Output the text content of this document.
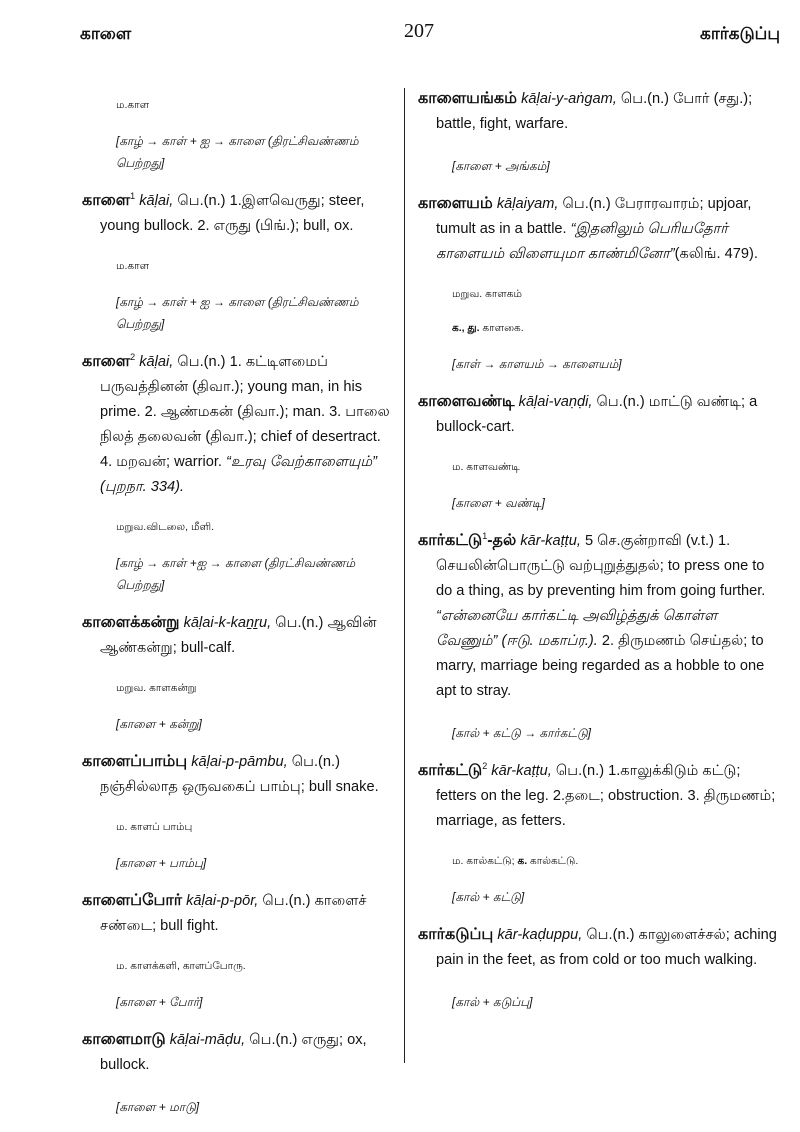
காளை	207	கார்கடுப்பு
ம.காள
[காழ் → காள் + ஐ → காளை (திரட்சிவண்ணம் பெற்றது]
காளை$^1$ kāḷai, பெ.(n.) 1.இளவெருது; steer, young bullock. 2. எருது (பிங்.); bull, ox.
ம.காள
[காழ் → காள் + ஐ → காளை (திரட்சிவண்ணம் பெற்றது]
காளை$^2$ kāḷai, பெ.(n.) 1. கட்டிளமைப் பருவத்தினன் (திவா.); young man, in his prime. 2. ஆண்மகன் (திவா.); man. 3. பாலை நிலத் தலைவன் (திவா.); chief of desertract. 4. மறவன்; warrior. “உரவு வேற்காளையும்” (புறநா. 334).
மறுவ.விடலை, மீளி.
[காழ் → காள் +ஐ → காளை (திரட்சிவண்ணம் பெற்றது]
காளைக்கன்று kāḷai-k-kaṉṟu, பெ.(n.) ஆவின் ஆண்கன்று; bull-calf.
மறுவ. காளகன்று
[காளை + கன்று]
காளைப்பாம்பு kāḷai-p-pāmbu, பெ.(n.) நஞ்சில்லாத ஒருவகைப் பாம்பு; bull snake.
ம. காளப் பாம்பு
[காளை + பாம்பு]
காளைப்போர் kāḷai-p-pōr, பெ.(n.) காளைச் சண்டை; bull fight.
ம. காளக்களி, காளப்போரு.
[காளை + போர்]
காளைமாடு kāḷai-māḍu, பெ.(n.) எருது; ox, bullock.
[காளை + மாடு]
காளையங்கம் kāḷai-y-aṅgam, பெ.(n.) போர் (சது.); battle, fight, warfare.
[காளை + அங்கம்]
காளையம் kāḷaiyam, பெ.(n.) பேராரவாரம்; upjoar, tumult as in a battle. “இதனிலும் பெரியதோர் காளையம் விளையுமா காண்மினோ”(கலிங். 479).
மறுவ. காளகம்
க., து. காளகை.
[காள் → காளயம் → காளையம்]
காளைவண்டி kāḷai-vaṇḍi, பெ.(n.) மாட்டு வண்டி; a bullock-cart.
ம. காளவண்டி
[காளை + வண்டி]
கார்கட்டு$^1$-தல் kār-kaṭṭu, 5 செ.குன்றாவி (v.t.) 1. செயலின்பொருட்டு வற்புறுத்துதல்; to press one to do a thing, as by preventing him from going further. “என்னையே கார்கட்டி அவிழ்த்துக் கொள்ள வேணும்” (ஈடு. மகாப்ர.). 2. திருமணம் செய்தல்; to marry, marriage being regarded as a hobble to one apt to stray.
[கால் + கட்டு → கார்கட்டு]
கார்கட்டு$^2$ kār-kaṭṭu, பெ.(n.) 1.காலுக்கிடும் கட்டு; fetters on the leg. 2.தடை; obstruction. 3. திருமணம்; marriage, as fetters.
ம. கால்கட்டு; க. கால்கட்டு.
[கால் + கட்டு]
கார்கடுப்பு kār-kaḍuppu, பெ.(n.) காலுளைச்சல்; aching pain in the feet, as from cold or too much walking.
[கால் + கடுப்பு]
